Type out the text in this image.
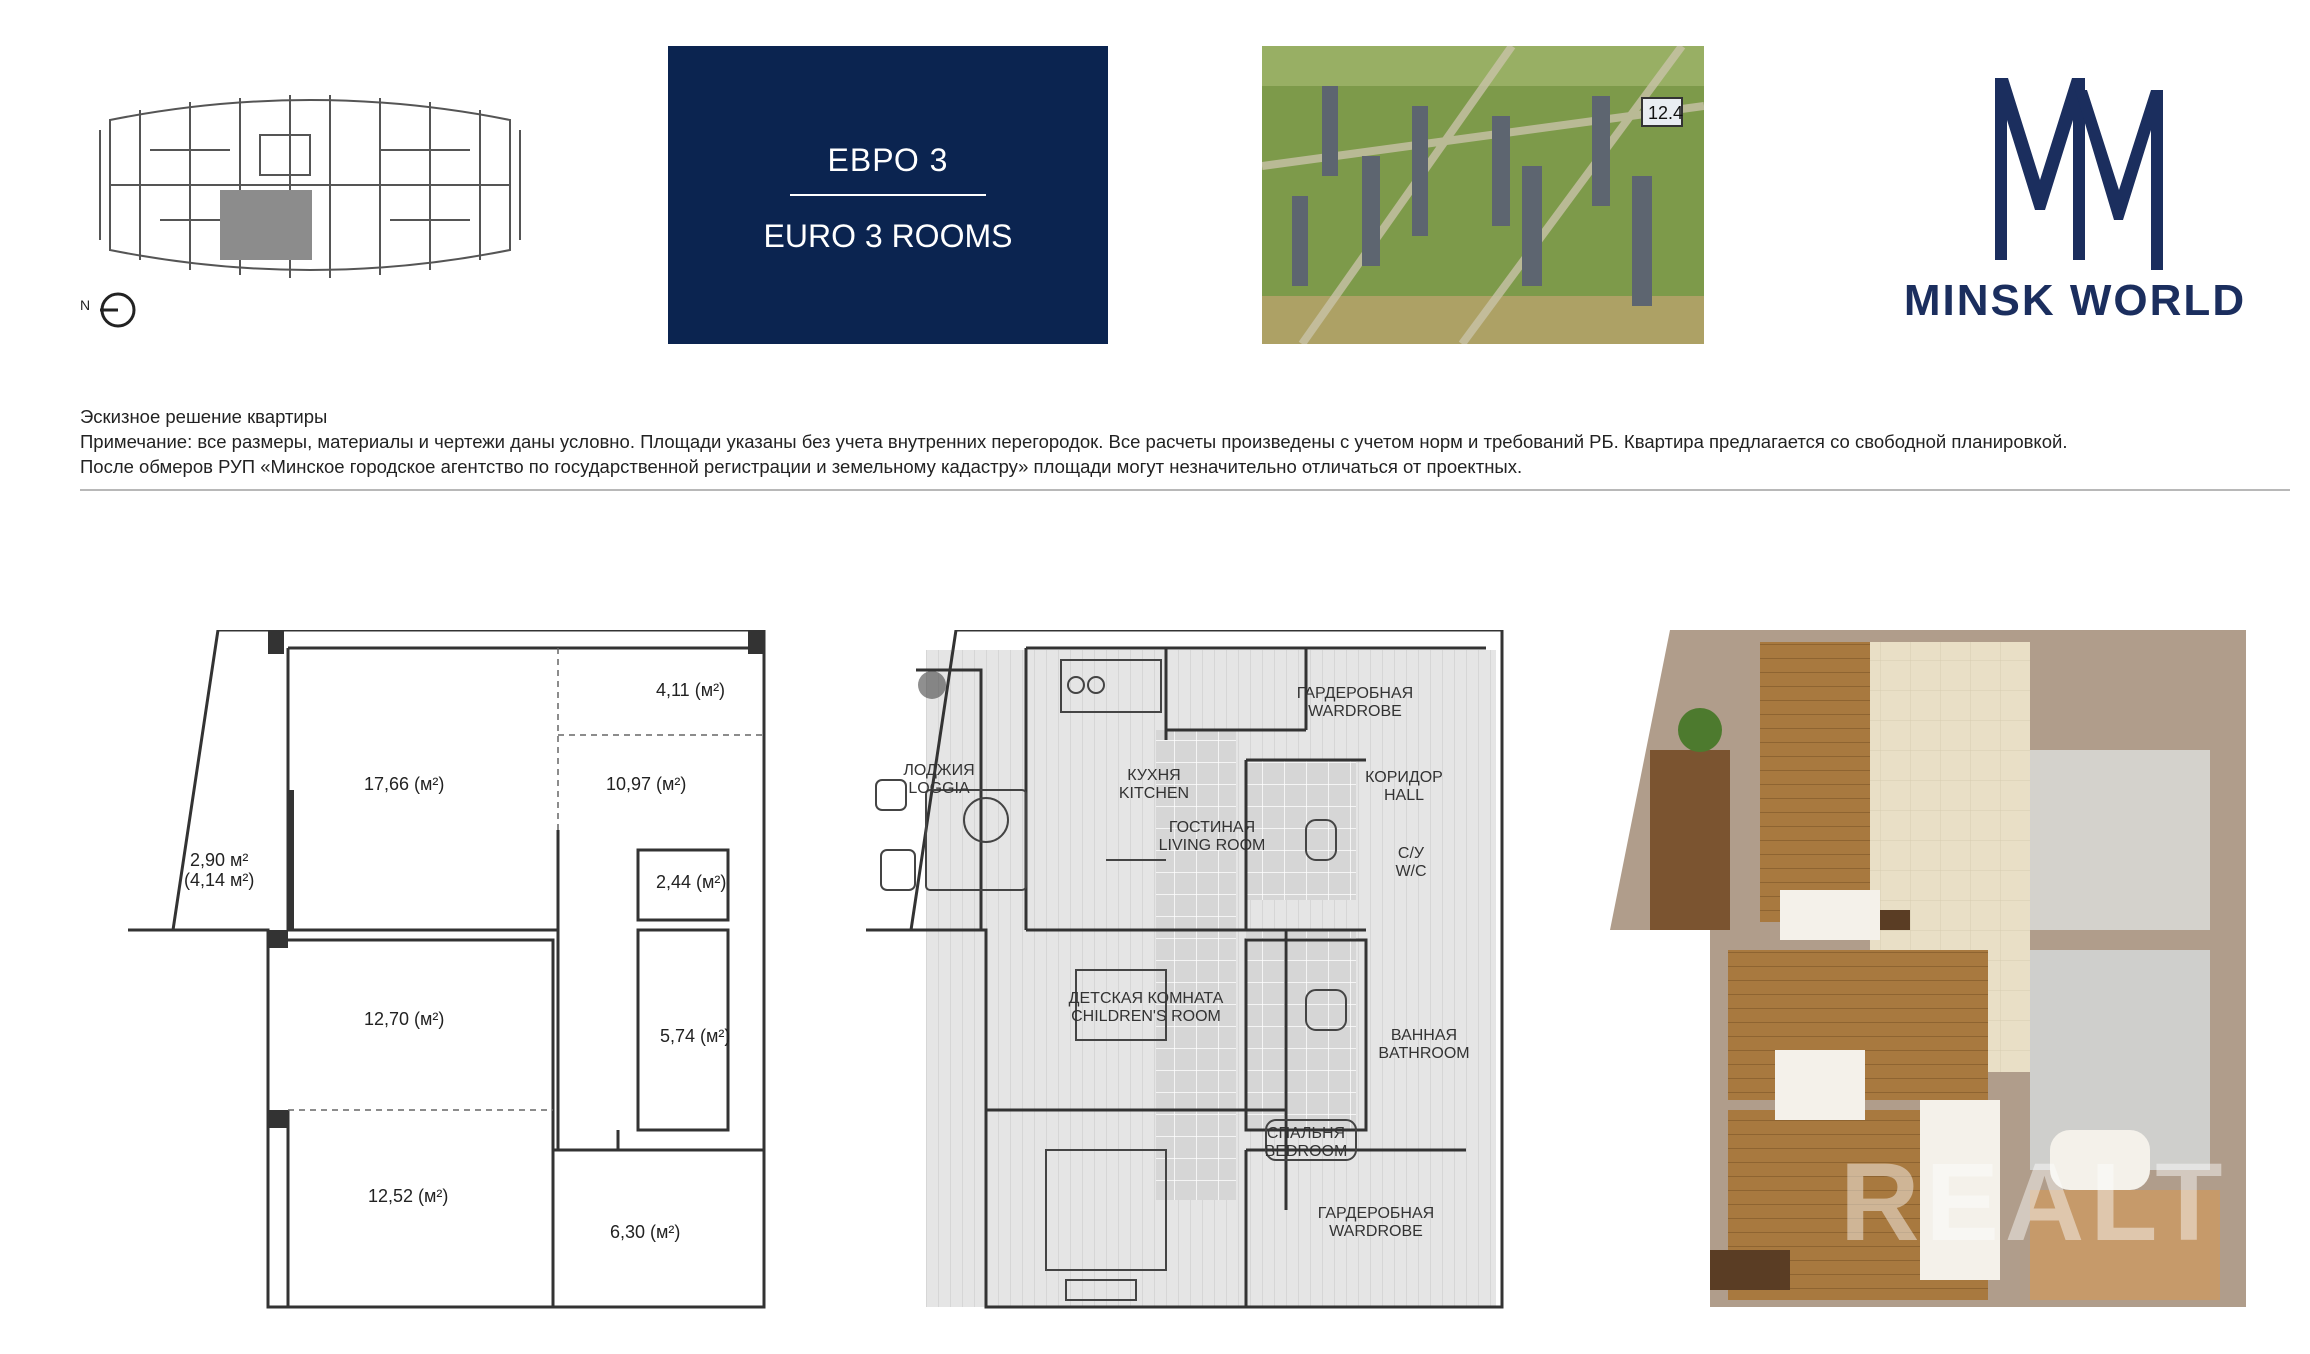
N
ЕВРО 3
EURO 3 ROOMS
12.4
MINSK WORLD
Эскизное решение квартиры
Примечание: все размеры, материалы и чертежи даны условно. Площади указаны без учета внутренних перегородок. Все расчеты произведены с учетом норм и требований РБ. Квартира предлагается со свободной планировкой.
После обмеров РУП «Минское городское агентство по государственной регистрации и земельному кадастру» площади могут незначительно отличаться от проектных.
4,11 (м²)
17,66 (м²)	10,97 (м²)
2,44 (м²)
2,90 м²
(4,14 м²)
12,70 (м²)
5,74 (м²)
12,52 (м²)
6,30 (м²)
КУХНЯ
KITCHEN
ГАРДЕРОБНАЯ
WARDROBE
ЛОДЖИЯ
LOGGIA
КОРИДОР
HALL
ГОСТИНАЯ
LIVING ROOM	С/У
W/C
ДЕТСКАЯ КОМНАТА
CHILDREN'S ROOM
ВАННАЯ
BATHROOM
СПАЛЬНЯ
BEDROOM
ГАРДЕРОБНАЯ
WARDROBE	REALT
